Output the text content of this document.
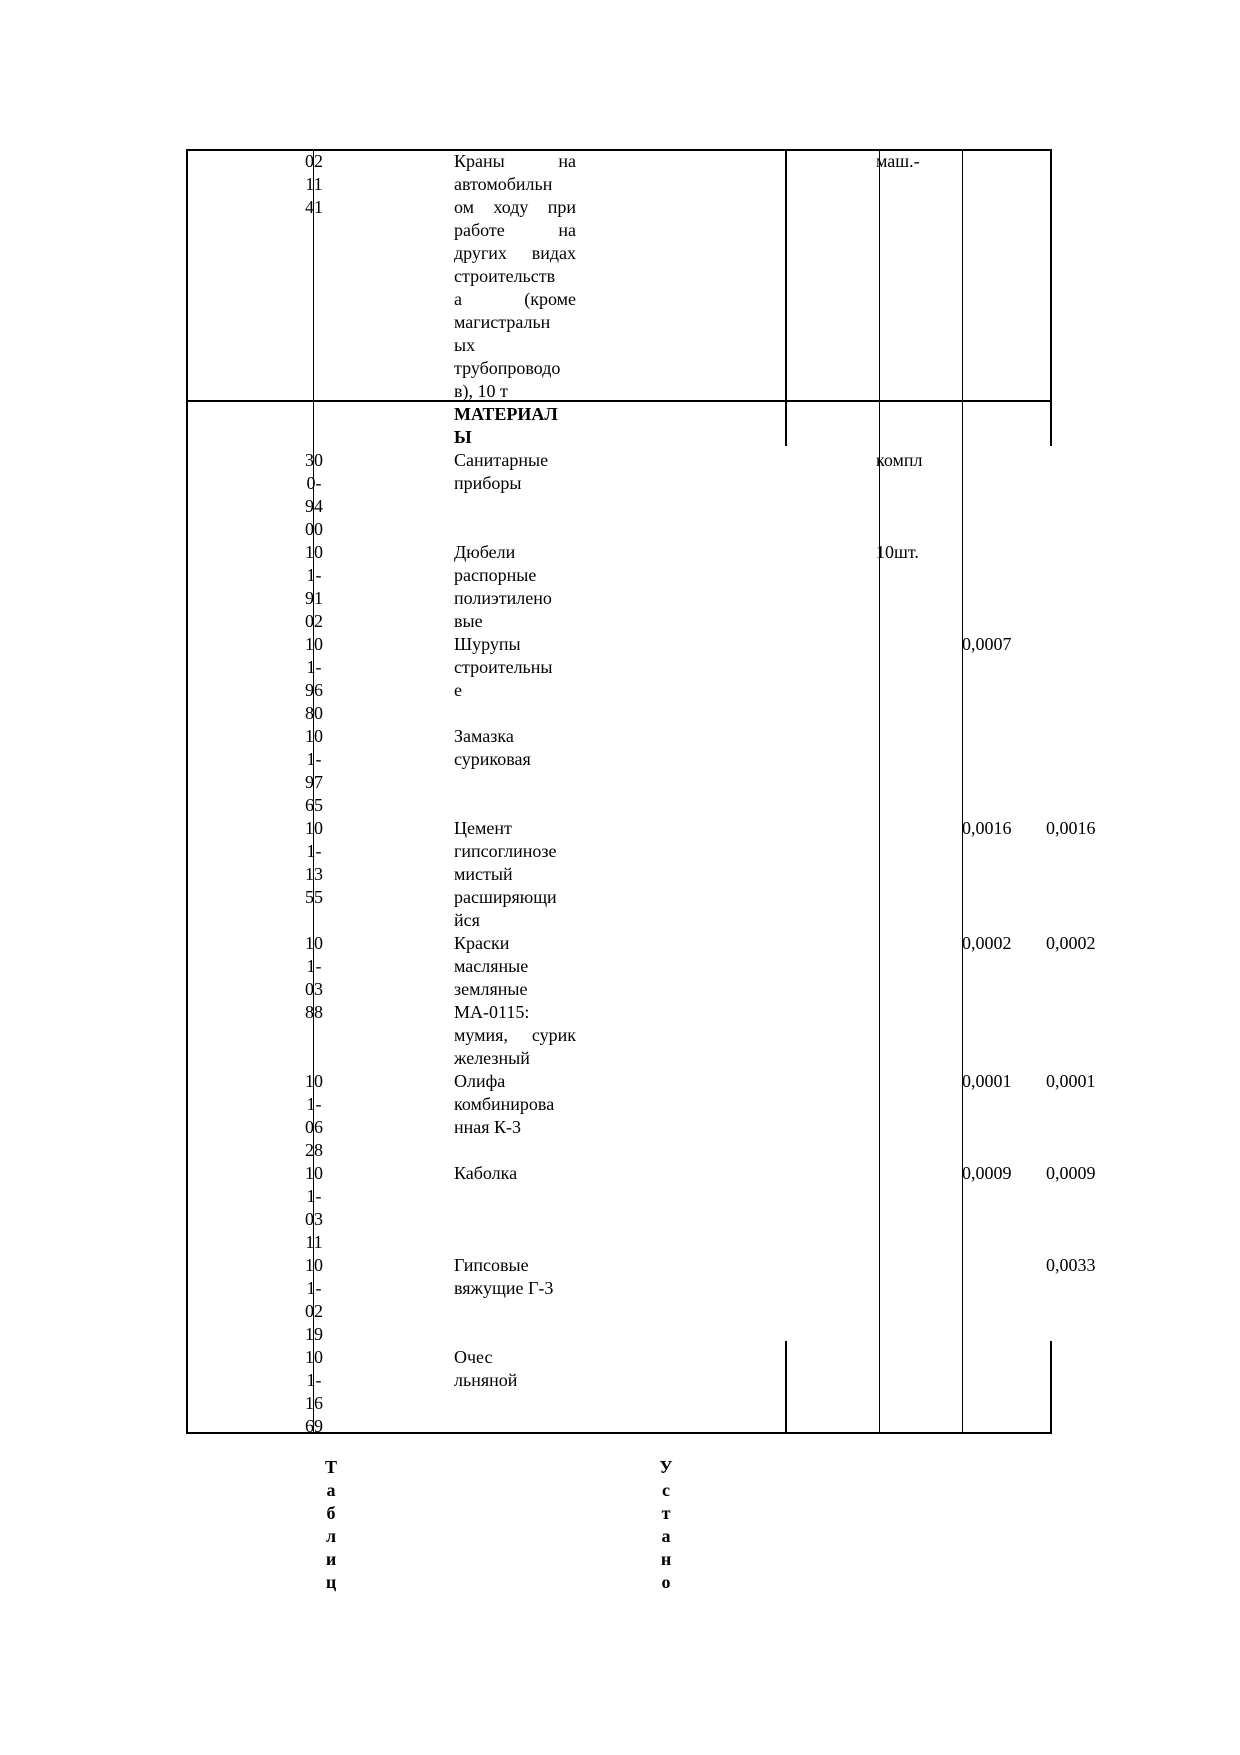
02
11
41
Краны на
автомобильн
ом ходу при
работе на
других видах
строительств
а (кроме
магистральн
ых
трубопроводо
в), 10 т
маш.-
МАТЕРИАЛ
Ы
30
0-
94
00
Санитарные
приборы
компл
10
1-
91
02
Дюбели
распорные
полиэтилено
вые
10шт.
10
1-
96
80
Шурупы
строительны
е
0,0007
10
1-
97
65
Замазка
суриковая
10
1-
13
55
Цемент
гипсоглинозе
мистый
расширяющи
йся
0,0016 0,0016
10
1-
03
88
Краски
масляные
земляные
МА-0115:
мумия, сурик
железный
0,0002 0,0002
10
1-
06
28
Олифа
комбинирова
нная К-3
0,0001 0,0001
10
1-
03
11
Каболка	0,0009 0,0009
10
1-
02
19
Гипсовые
вяжущие Г-3
0,0033
10
1-
16
69
Очес
льняной
Т
а
б
л
и
ц
У
с
т
а
н
о
